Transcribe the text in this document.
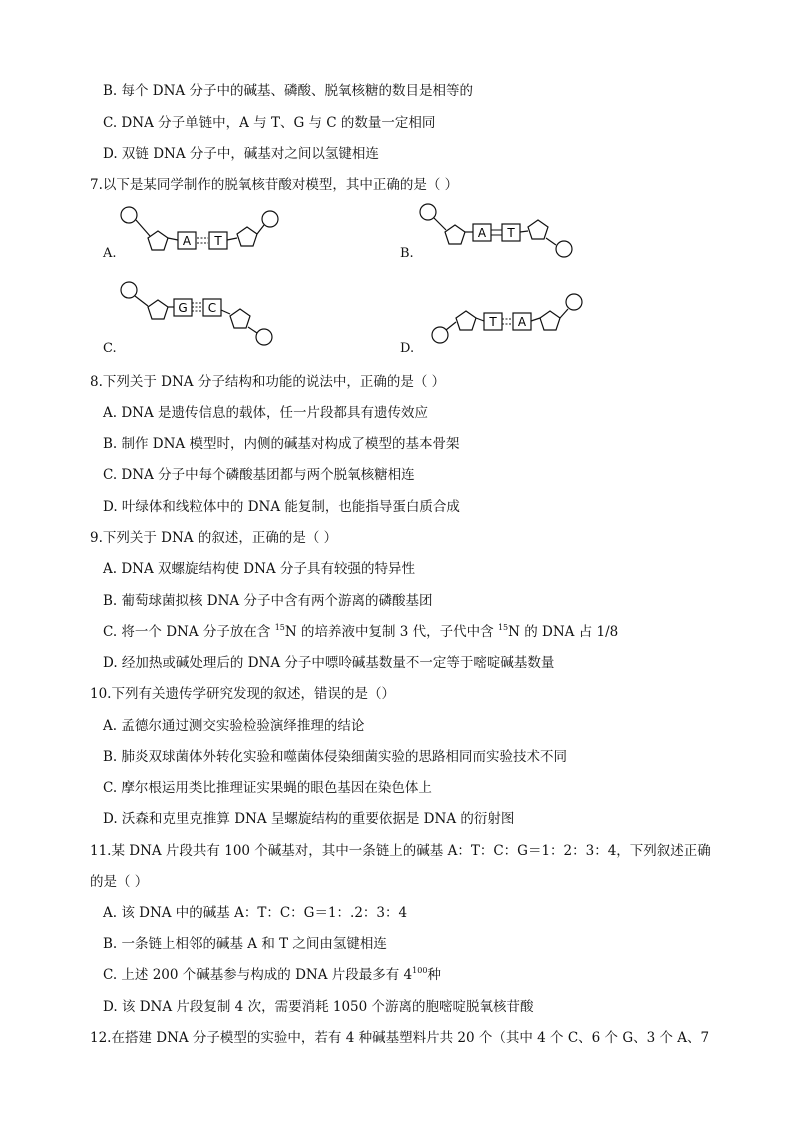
B. 每个 DNA 分子中的碱基、磷酸、脱氧核糖的数目是相等的
C. DNA 分子单链中，A 与 T、G 与 C 的数量一定相同
D. 双链 DNA 分子中，碱基对之间以氢键相连
7.以下是某同学制作的脱氧核苷酸对模型，其中正确的是（ ）
A.
A T
B.
A T
C.
G C
D.
T A
8.下列关于 DNA 分子结构和功能的说法中，正确的是（ ）
A. DNA 是遗传信息的载体，任一片段都具有遗传效应
B. 制作 DNA 模型时，内侧的碱基对构成了模型的基本骨架
C. DNA 分子中每个磷酸基团都与两个脱氧核糖相连
D. 叶绿体和线粒体中的 DNA 能复制，也能指导蛋白质合成
9.下列关于 DNA 的叙述，正确的是（ ）
A. DNA 双螺旋结构使 DNA 分子具有较强的特异性
B. 葡萄球菌拟核 DNA 分子中含有两个游离的磷酸基团
C. 将一个 DNA 分子放在含 $^{15}$N 的培养液中复制 3 代，子代中含 $^{15}$N 的 DNA 占 1/8
D. 经加热或碱处理后的 DNA 分子中嘌呤碱基数量不一定等于嘧啶碱基数量
10.下列有关遗传学研究发现的叙述，错误的是（）
A. 孟德尔通过测交实验检验演绎推理的结论
B. 肺炎双球菌体外转化实验和噬菌体侵染细菌实验的思路相同而实验技术不同
C. 摩尔根运用类比推理证实果蝇的眼色基因在染色体上
D. 沃森和克里克推算 DNA 呈螺旋结构的重要依据是 DNA 的衍射图
11.某 DNA 片段共有 100 个碱基对，其中一条链上的碱基 A：T：C：G＝1：2：3：4，下列叙述正确
的是（ ）
A. 该 DNA 中的碱基 A：T：C：G＝1：.2：3：4
B. 一条链上相邻的碱基 A 和 T 之间由氢键相连
C. 上述 200 个碱基参与构成的 DNA 片段最多有 $4^{100}$种
D. 该 DNA 片段复制 4 次，需要消耗 1050 个游离的胞嘧啶脱氧核苷酸
12.在搭建 DNA 分子模型的实验中，若有 4 种碱基塑料片共 20 个（其中 4 个 C、6 个 G、3 个 A、7
